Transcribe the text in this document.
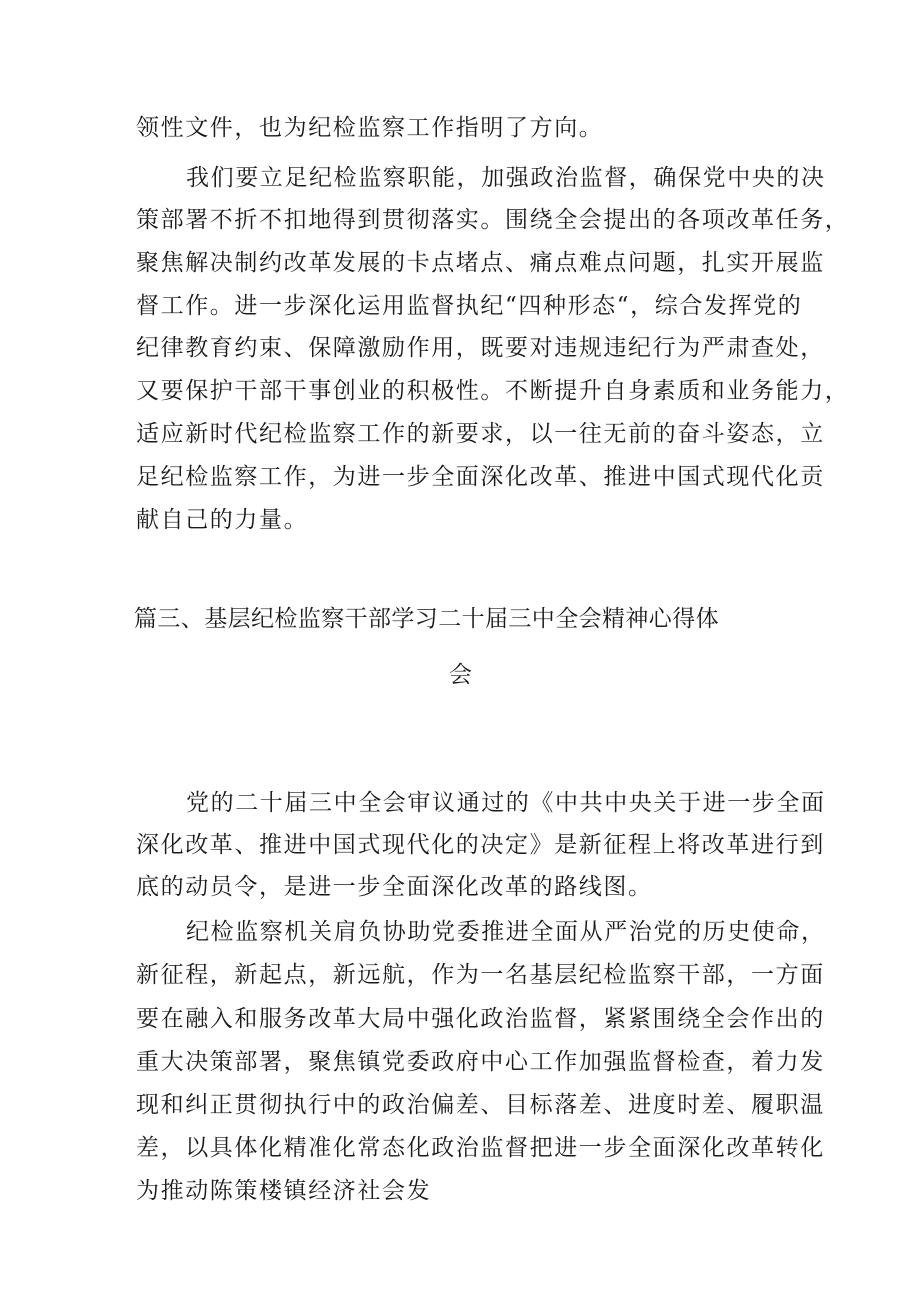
领性文件，也为纪检监察工作指明了方向。
我们要立足纪检监察职能，加强政治监督，确保党中央的决
策部署不折不扣地得到贯彻落实。围绕全会提出的各项改革任务，
聚焦解决制约改革发展的卡点堵点、痛点难点问题，扎实开展监
督工作。进一步深化运用监督执纪“四种形态“，综合发挥党的
纪律教育约束、保障激励作用，既要对违规违纪行为严肃查处，
又要保护干部干事创业的积极性。不断提升自身素质和业务能力，
适应新时代纪检监察工作的新要求，以一往无前的奋斗姿态，立
足纪检监察工作，为进一步全面深化改革、推进中国式现代化贡
献自己的力量。
篇三、基层纪检监察干部学习二十届三中全会精神心得体
会
党的二十届三中全会审议通过的《中共中央关于进一步全面
深化改革、推进中国式现代化的决定》是新征程上将改革进行到
底的动员令，是进一步全面深化改革的路线图。
纪检监察机关肩负协助党委推进全面从严治党的历史使命，
新征程，新起点，新远航，作为一名基层纪检监察干部，一方面
要在融入和服务改革大局中强化政治监督，紧紧围绕全会作出的
重大决策部署，聚焦镇党委政府中心工作加强监督检查，着力发
现和纠正贯彻执行中的政治偏差、目标落差、进度时差、履职温
差，以具体化精准化常态化政治监督把进一步全面深化改革转化
为推动陈策楼镇经济社会发
